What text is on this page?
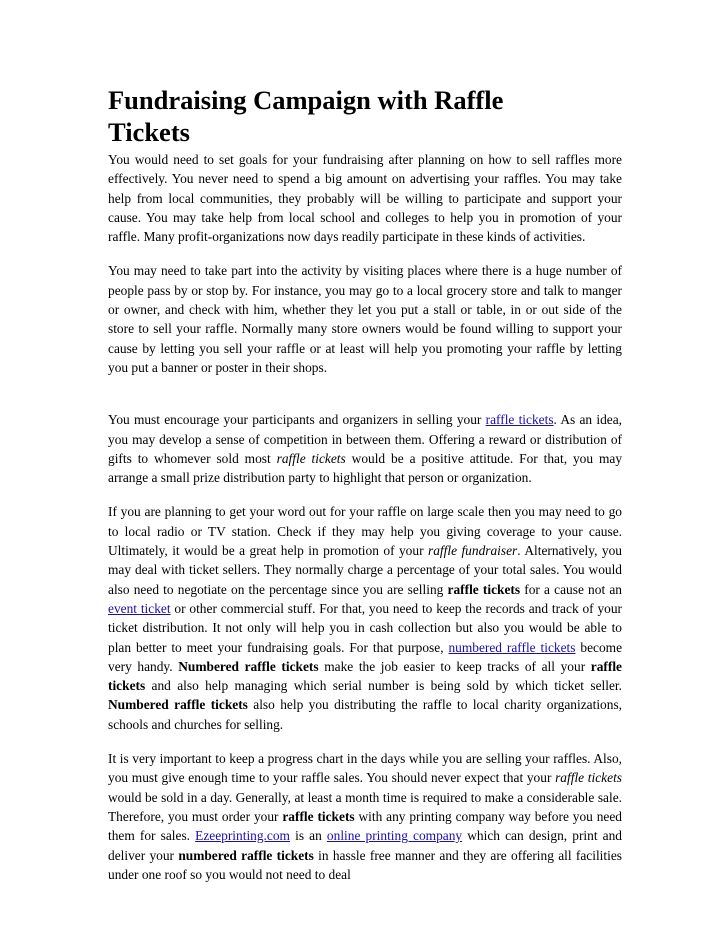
Fundraising Campaign with Raffle Tickets

You would need to set goals for your fundraising after planning on how to sell raffles more effectively. You never need to spend a big amount on advertising your raffles. You may take help from local communities, they probably will be willing to participate and support your cause. You may take help from local school and colleges to help you in promotion of your raffle. Many profit-organizations now days readily participate in these kinds of activities.

You may need to take part into the activity by visiting places where there is a huge number of people pass by or stop by. For instance, you may go to a local grocery store and talk to manger or owner, and check with him, whether they let you put a stall or table, in or out side of the store to sell your raffle. Normally many store owners would be found willing to support your cause by letting you sell your raffle or at least will help you promoting your raffle by letting you put a banner or poster in their shops.

You must encourage your participants and organizers in selling your raffle tickets. As an idea, you may develop a sense of competition in between them. Offering a reward or distribution of gifts to whomever sold most raffle tickets would be a positive attitude. For that, you may arrange a small prize distribution party to highlight that person or organization.

If you are planning to get your word out for your raffle on large scale then you may need to go to local radio or TV station. Check if they may help you giving coverage to your cause. Ultimately, it would be a great help in promotion of your raffle fundraiser. Alternatively, you may deal with ticket sellers. They normally charge a percentage of your total sales. You would also need to negotiate on the percentage since you are selling raffle tickets for a cause not an event ticket or other commercial stuff. For that, you need to keep the records and track of your ticket distribution. It not only will help you in cash collection but also you would be able to plan better to meet your fundraising goals. For that purpose, numbered raffle tickets become very handy. Numbered raffle tickets make the job easier to keep tracks of all your raffle tickets and also help managing which serial number is being sold by which ticket seller. Numbered raffle tickets also help you distributing the raffle to local charity organizations, schools and churches for selling.

It is very important to keep a progress chart in the days while you are selling your raffles. Also, you must give enough time to your raffle sales. You should never expect that your raffle tickets would be sold in a day. Generally, at least a month time is required to make a considerable sale. Therefore, you must order your raffle tickets with any printing company way before you need them for sales. Ezeeprinting.com is an online printing company which can design, print and deliver your numbered raffle tickets in hassle free manner and they are offering all facilities under one roof so you would not need to deal
